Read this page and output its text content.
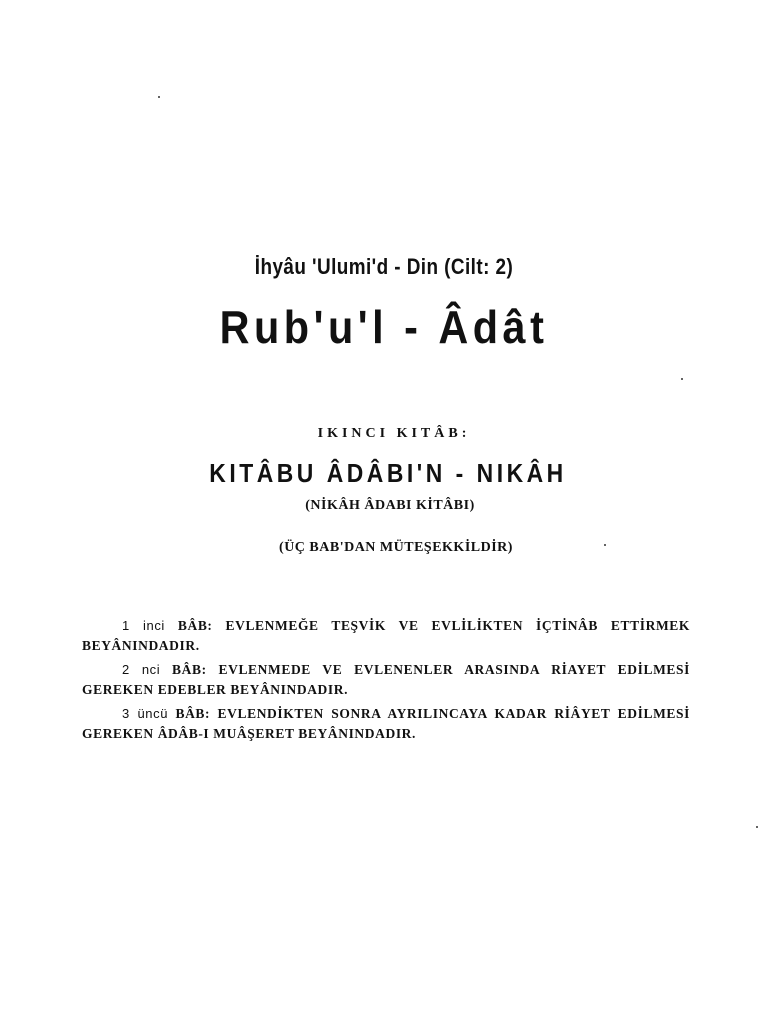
İhyâu 'Ulumi'd - Din (Cilt: 2)
Rub'u'l - Âdât
IKINCI KITÂB:
KITÂBU ÂDÂBI'N - NIKÂH
(NİKÂH ÂDABI KİTÂBI)
(ÜÇ BAB'DAN MÜTEŞEKKİLDİR)

1 inci BÂB: EVLENMEĞE TEŞVİK VE EVLİLİKTEN İÇTİNÂB ETTİRMEK BEYÂNINDADIR.

2 nci BÂB: EVLENMEDE VE EVLENENLER ARASINDA RİAYET EDİLMESİ GEREKEN EDEBLER BEYÂNINDADIR.

3 üncü BÂB: EVLENDİKTEN SONRA AYRILINCAYA KADAR RİÂYET EDİLMESİ GEREKEN ÂDÂB-I MUÂŞERET BEYÂNINDADIR.
